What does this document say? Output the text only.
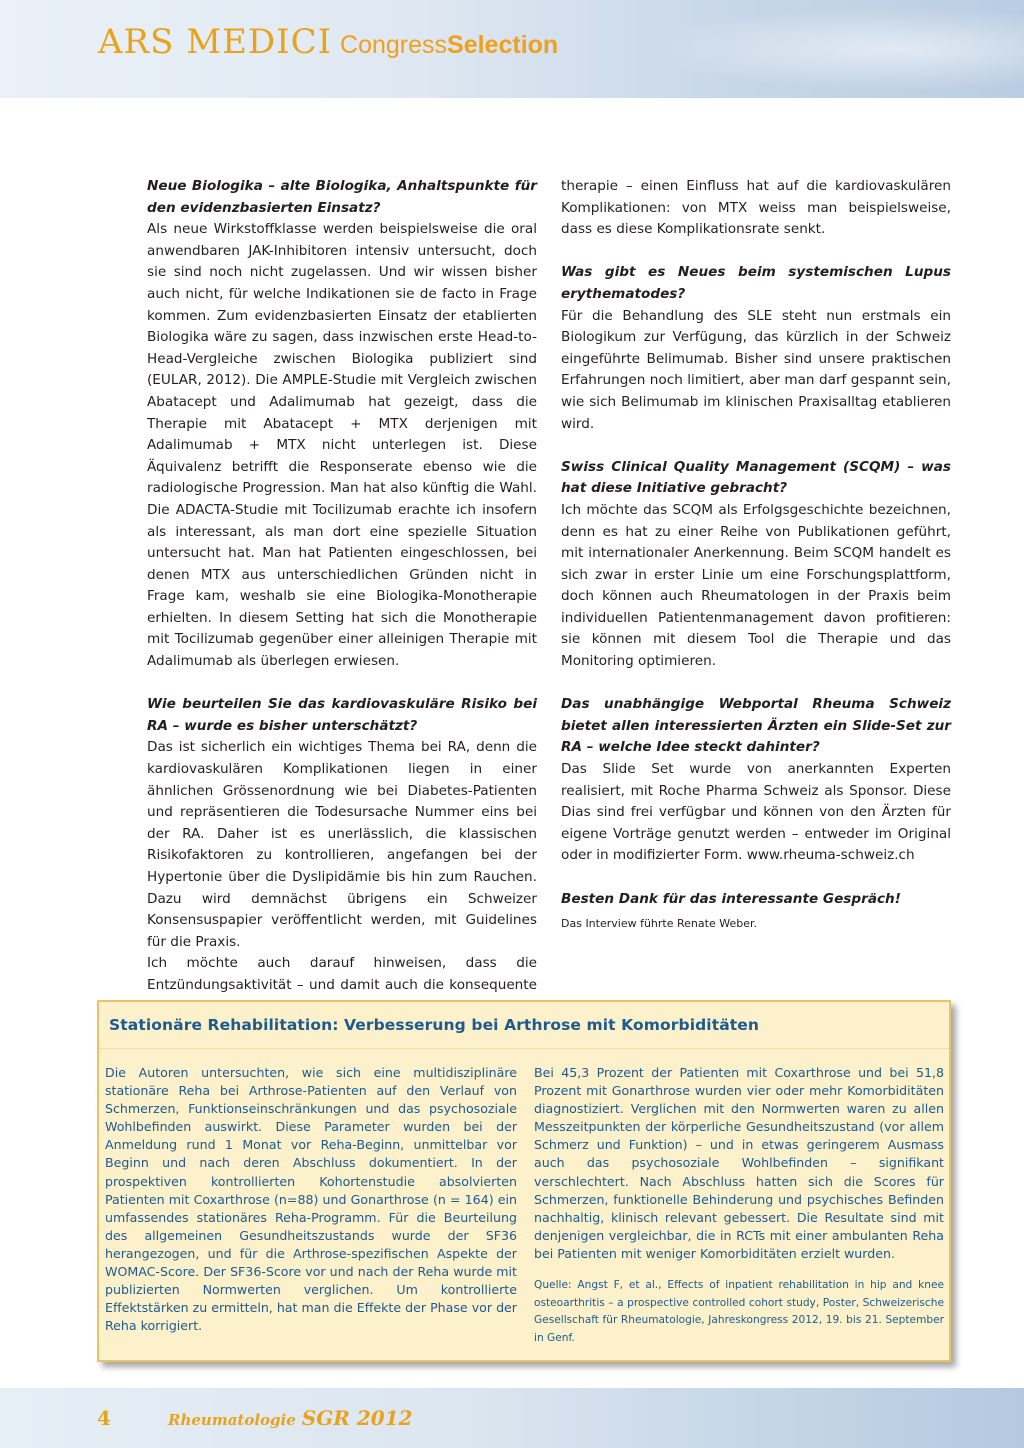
ARS MEDICI Congress Selection

Neue Biologika – alte Biologika, Anhaltspunkte für den evidenzbasierten Einsatz?

Als neue Wirkstoffklasse werden beispielsweise die oral anwendbaren JAK-Inhibitoren intensiv untersucht, doch sie sind noch nicht zugelassen. Und wir wissen bisher auch nicht, für welche Indikationen sie de facto in Frage kommen. Zum evidenzbasierten Einsatz der etablierten Biologika wäre zu sagen, dass inzwischen erste Head-to-Head-Vergleiche zwischen Biologika publiziert sind (EULAR, 2012). Die AMPLE-Studie mit Vergleich zwischen Abatacept und Adalimumab hat gezeigt, dass die Therapie mit Abatacept + MTX derjenigen mit Adalimumab + MTX nicht unterlegen ist. Diese Äquivalenz betrifft die Responserate ebenso wie die radiologische Progression. Man hat also künftig die Wahl. Die ADACTA-Studie mit Tocilizumab erachte ich insofern als interessant, als man dort eine spezielle Situation untersucht hat. Man hat Patienten eingeschlossen, bei denen MTX aus unterschiedlichen Gründen nicht in Frage kam, weshalb sie eine Biologika-Monotherapie erhielten. In diesem Setting hat sich die Monotherapie mit Tocilizumab gegenüber einer alleinigen Therapie mit Adalimumab als überlegen erwiesen.

Wie beurteilen Sie das kardiovaskuläre Risiko bei RA – wurde es bisher unterschätzt?

Das ist sicherlich ein wichtiges Thema bei RA, denn die kardiovaskulären Komplikationen liegen in einer ähnlichen Grössenordnung wie bei Diabetes-Patienten und repräsentieren die Todesursache Nummer eins bei der RA. Daher ist es unerlässlich, die klassischen Risikofaktoren zu kontrollieren, angefangen bei der Hypertonie über die Dyslipidämie bis hin zum Rauchen. Dazu wird demnächst übrigens ein Schweizer Konsensuspapier veröffentlicht werden, mit Guidelines für die Praxis.

Ich möchte auch darauf hinweisen, dass die Entzündungsaktivität – und damit auch die konsequente

therapie – einen Einfluss hat auf die kardiovaskulären Komplikationen: von MTX weiss man beispielsweise, dass es diese Komplikationsrate senkt.

Was gibt es Neues beim systemischen Lupus erythematodes?

Für die Behandlung des SLE steht nun erstmals ein Biologikum zur Verfügung, das kürzlich in der Schweiz eingeführte Belimumab. Bisher sind unsere praktischen Erfahrungen noch limitiert, aber man darf gespannt sein, wie sich Belimumab im klinischen Praxisalltag etablieren wird.

Swiss Clinical Quality Management (SCQM) – was hat diese Initiative gebracht?

Ich möchte das SCQM als Erfolgsgeschichte bezeichnen, denn es hat zu einer Reihe von Publikationen geführt, mit internationaler Anerkennung. Beim SCQM handelt es sich zwar in erster Linie um eine Forschungsplattform, doch können auch Rheumatologen in der Praxis beim individuellen Patientenmanagement davon profitieren: sie können mit diesem Tool die Therapie und das Monitoring optimieren.

Das unabhängige Webportal Rheuma Schweiz bietet allen interessierten Ärzten ein Slide-Set zur RA – welche Idee steckt dahinter?

Das Slide Set wurde von anerkannten Experten realisiert, mit Roche Pharma Schweiz als Sponsor. Diese Dias sind frei verfügbar und können von den Ärzten für eigene Vorträge genutzt werden – entweder im Original oder in modifizierter Form. www.rheuma-schweiz.ch

Besten Dank für das interessante Gespräch!

Das Interview führte Renate Weber.

Stationäre Rehabilitation: Verbesserung bei Arthrose mit Komorbiditäten

Die Autoren untersuchten, wie sich eine multidisziplinäre stationäre Reha bei Arthrose-Patienten auf den Verlauf von Schmerzen, Funktionseinschränkungen und das psychosoziale Wohlbefinden auswirkt. Diese Parameter wurden bei der Anmeldung rund 1 Monat vor Reha-Beginn, unmittelbar vor Beginn und nach deren Abschluss dokumentiert. In der prospektiven kontrollierten Kohortenstudie absolvierten Patienten mit Coxarthrose (n=88) und Gonarthrose (n = 164) ein umfassendes stationäres Reha-Programm. Für die Beurteilung des allgemeinen Gesundheitszustands wurde der SF36 herangezogen, und für die Arthrose-spezifischen Aspekte der WOMAC-Score. Der SF36-Score vor und nach der Reha wurde mit publizierten Normwerten verglichen. Um kontrollierte Effektstärken zu ermitteln, hat man die Effekte der Phase vor der Reha korrigiert.

Bei 45,3 Prozent der Patienten mit Coxarthrose und bei 51,8 Prozent mit Gonarthrose wurden vier oder mehr Komorbiditäten diagnostiziert. Verglichen mit den Normwerten waren zu allen Messzeitpunkten der körperliche Gesundheitszustand (vor allem Schmerz und Funktion) – und in etwas geringerem Ausmass auch das psychosoziale Wohlbefinden – signifikant verschlechtert. Nach Abschluss hatten sich die Scores für Schmerzen, funktionelle Behinderung und psychisches Befinden nachhaltig, klinisch relevant gebessert. Die Resultate sind mit denjenigen vergleichbar, die in RCTs mit einer ambulanten Reha bei Patienten mit weniger Komorbiditäten erzielt wurden.

Quelle: Angst F, et al., Effects of inpatient rehabilitation in hip and knee osteoarthritis – a prospective controlled cohort study, Poster, Schweizerische Gesellschaft für Rheumatologie, Jahreskongress 2012, 19. bis 21. September in Genf.

4	Rheumatologie SGR 2012
